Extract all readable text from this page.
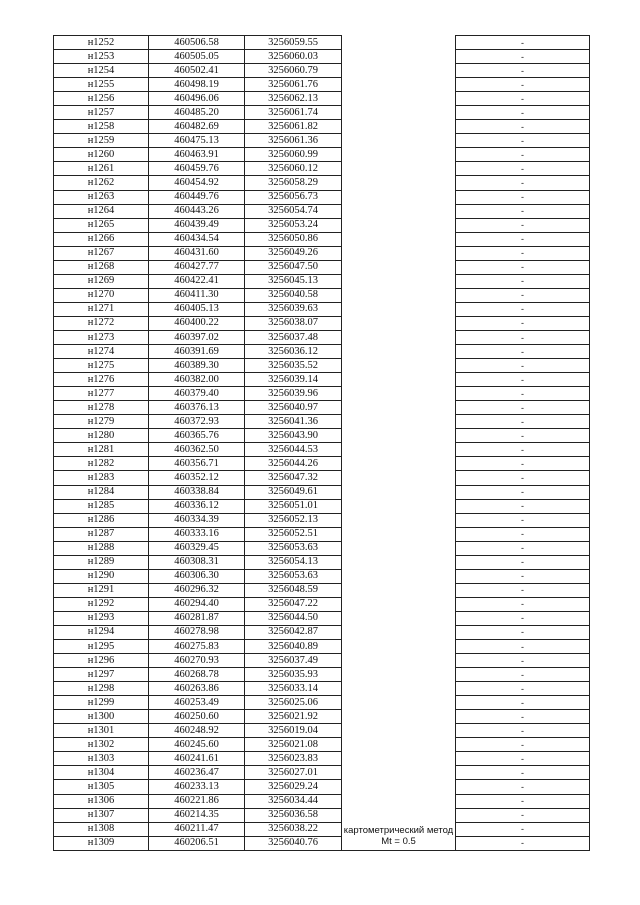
н1252	460506.58	3256059.55		-
н1253	460505.05	3256060.03		-
н1254	460502.41	3256060.79		-
н1255	460498.19	3256061.76		-
н1256	460496.06	3256062.13		-
н1257	460485.20	3256061.74		-
н1258	460482.69	3256061.82		-
н1259	460475.13	3256061.36		-
н1260	460463.91	3256060.99		-
н1261	460459.76	3256060.12		-
н1262	460454.92	3256058.29		-
н1263	460449.76	3256056.73		-
н1264	460443.26	3256054.74		-
н1265	460439.49	3256053.24		-
н1266	460434.54	3256050.86		-
н1267	460431.60	3256049.26		-
н1268	460427.77	3256047.50		-
н1269	460422.41	3256045.13		-
н1270	460411.30	3256040.58		-
н1271	460405.13	3256039.63		-
н1272	460400.22	3256038.07		-
н1273	460397.02	3256037.48		-
н1274	460391.69	3256036.12		-
н1275	460389.30	3256035.52		-
н1276	460382.00	3256039.14		-
н1277	460379.40	3256039.96		-
н1278	460376.13	3256040.97		-
н1279	460372.93	3256041.36		-
н1280	460365.76	3256043.90		-
н1281	460362.50	3256044.53		-
н1282	460356.71	3256044.26		-
н1283	460352.12	3256047.32		-
н1284	460338.84	3256049.61		-
н1285	460336.12	3256051.01		-
н1286	460334.39	3256052.13		-
н1287	460333.16	3256052.51		-
н1288	460329.45	3256053.63		-
н1289	460308.31	3256054.13		-
н1290	460306.30	3256053.63		-
н1291	460296.32	3256048.59		-
н1292	460294.40	3256047.22		-
н1293	460281.87	3256044.50		-
н1294	460278.98	3256042.87		-
н1295	460275.83	3256040.89		-
н1296	460270.93	3256037.49		-
н1297	460268.78	3256035.93		-
н1298	460263.86	3256033.14		-
н1299	460253.49	3256025.06		-
н1300	460250.60	3256021.92		-
н1301	460248.92	3256019.04		-
н1302	460245.60	3256021.08		-
н1303	460241.61	3256023.83		-
н1304	460236.47	3256027.01		-
н1305	460233.13	3256029.24		-
н1306	460221.86	3256034.44		-
н1307	460214.35	3256036.58		-
н1308	460211.47	3256038.22	картометрический метод Mt = 0.5	-
н1309	460206.51	3256040.76		-
